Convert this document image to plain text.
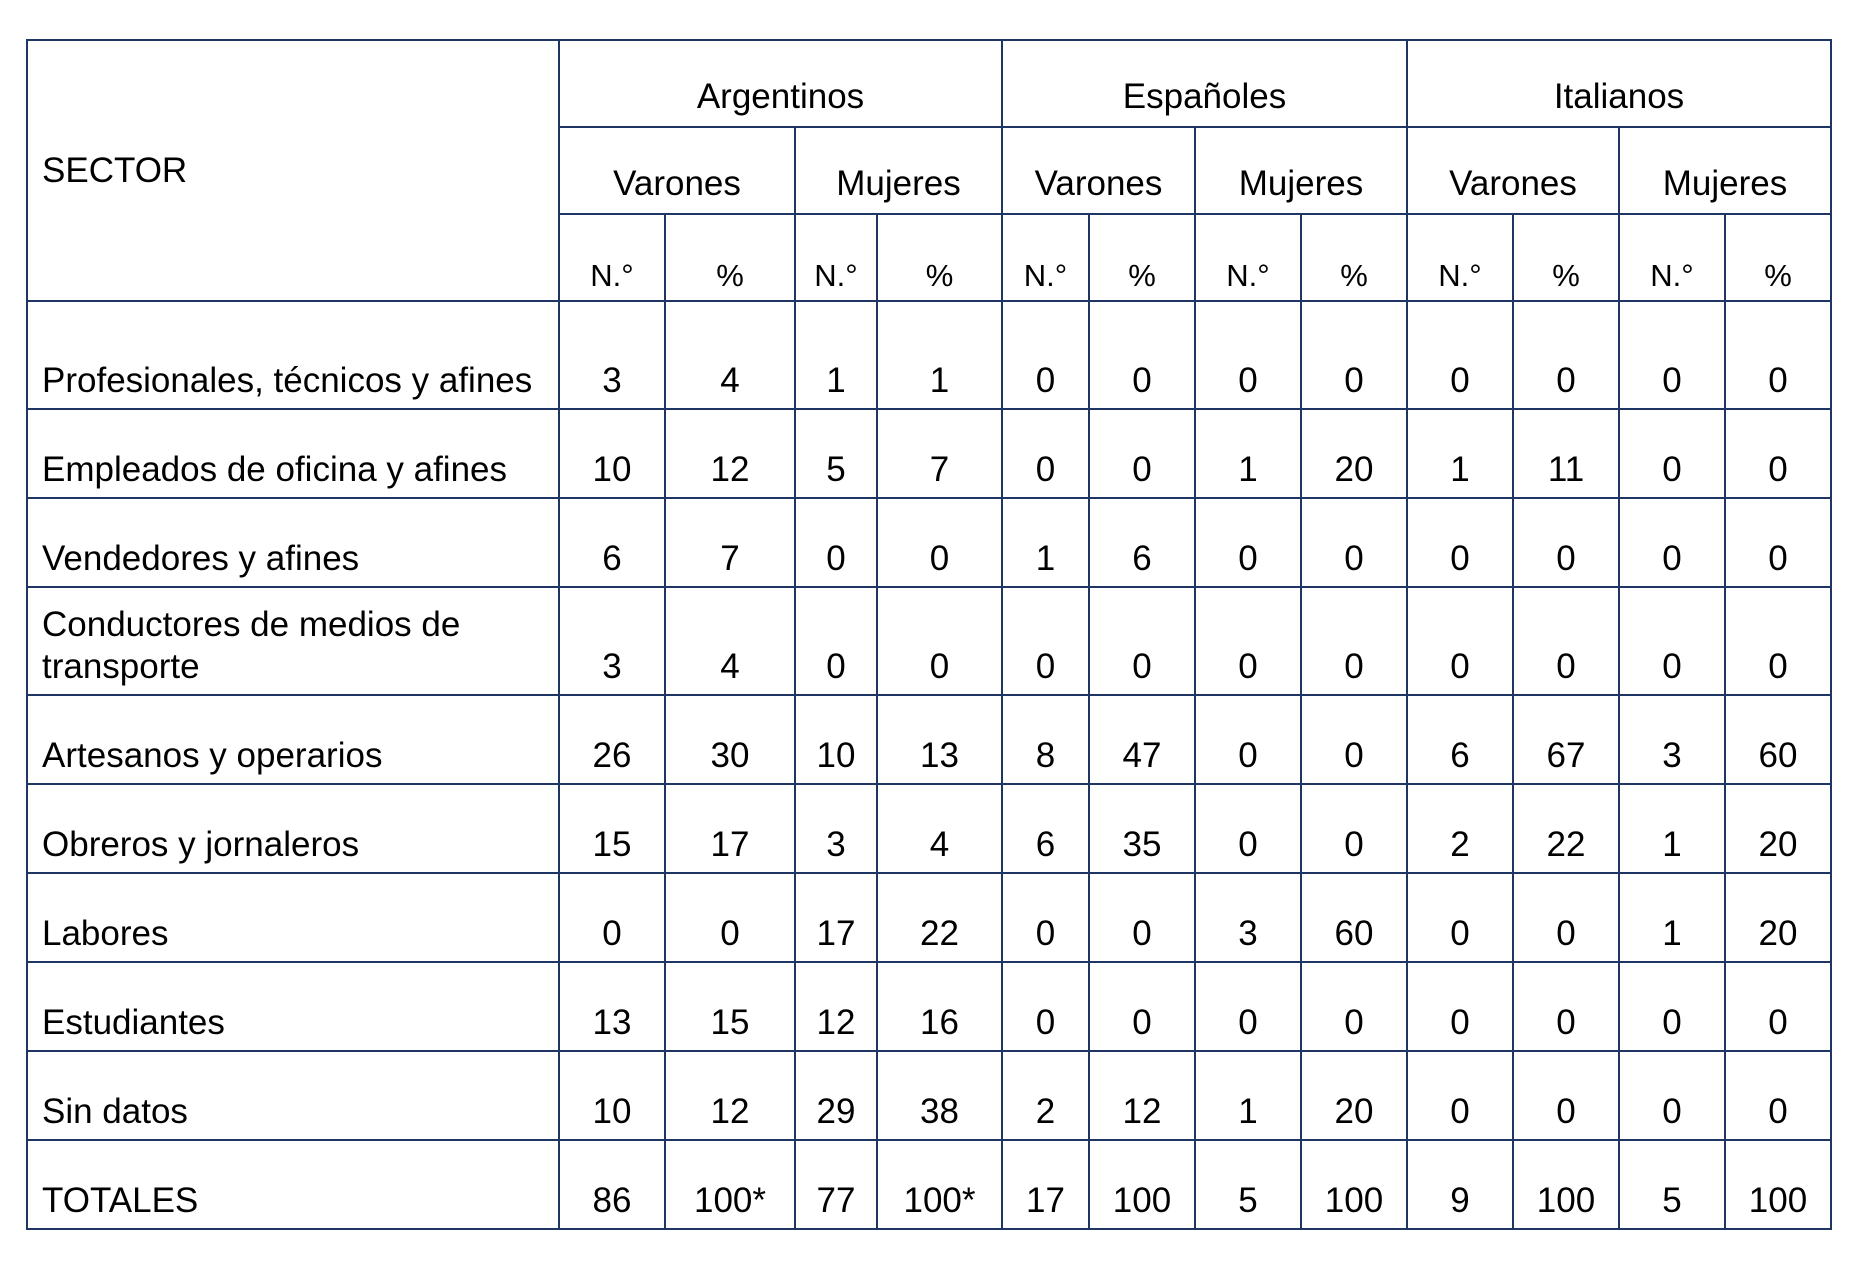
SECTOR	Argentinos				Españoles				Italianos			
	Varones		Mujeres		Varones		Mujeres		Varones		Mujeres	
	N.°	%	N.°	%	N.°	%	N.°	%	N.°	%	N.°	%
Profesionales, técnicos y afines	3	4	1	1	0	0	0	0	0	0	0	0
Empleados de oficina y afines	10	12	5	7	0	0	1	20	1	11	0	0
Vendedores y afines	6	7	0	0	1	6	0	0	0	0	0	0
Conductores de medios de transporte	3	4	0	0	0	0	0	0	0	0	0	0
Artesanos y operarios	26	30	10	13	8	47	0	0	6	67	3	60
Obreros y jornaleros	15	17	3	4	6	35	0	0	2	22	1	20
Labores	0	0	17	22	0	0	3	60	0	0	1	20
Estudiantes	13	15	12	16	0	0	0	0	0	0	0	0
Sin datos	10	12	29	38	2	12	1	20	0	0	0	0
TOTALES	86	100*	77	100*	17	100	5	100	9	100	5	100
